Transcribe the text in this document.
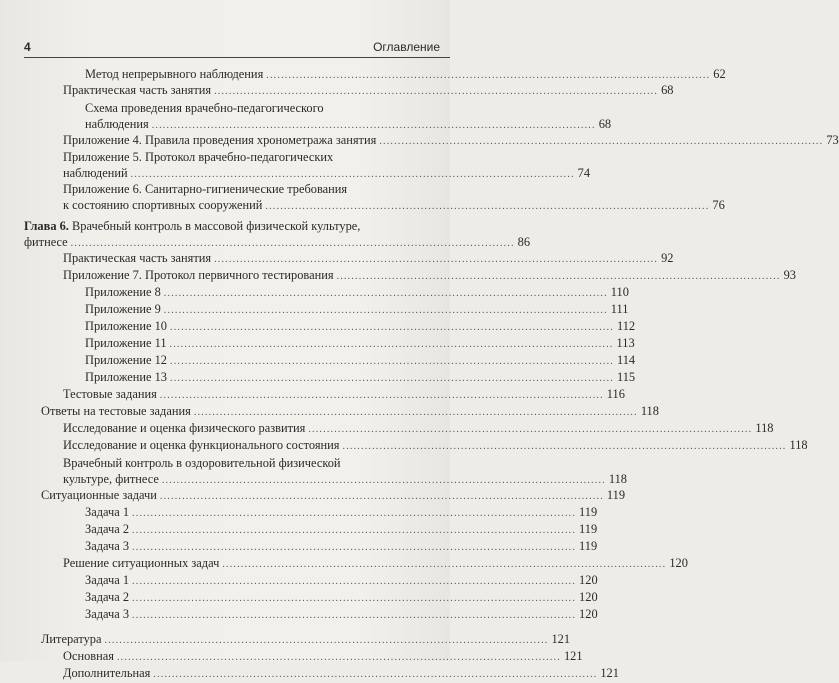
4	Оглавление
Метод непрерывного наблюдения ........................................................................................................................ 62
Практическая часть занятия ........................................................................................................................ 68
Схема проведения врачебно-педагогического
наблюдения ........................................................................................................................ 68
Приложение 4. Правила проведения хронометража занятия ........................................................................................................................ 73
Приложение 5. Протокол врачебно-педагогических
наблюдений ........................................................................................................................ 74
Приложение 6. Санитарно-гигиенические требования
к состоянию спортивных сооружений ........................................................................................................................ 76
Глава 6. Врачебный контроль в массовой физической культуре,
фитнесе ........................................................................................................................ 86
Практическая часть занятия ........................................................................................................................ 92
Приложение 7. Протокол первичного тестирования ........................................................................................................................ 93
Приложение 8 ........................................................................................................................ 110
Приложение 9 ........................................................................................................................ 111
Приложение 10 ........................................................................................................................ 112
Приложение 11 ........................................................................................................................ 113
Приложение 12 ........................................................................................................................ 114
Приложение 13 ........................................................................................................................ 115
Тестовые задания ........................................................................................................................ 116
Ответы на тестовые задания ........................................................................................................................ 118
Исследование и оценка физического развития ........................................................................................................................ 118
Исследование и оценка функционального состояния ........................................................................................................................ 118
Врачебный контроль в оздоровительной физической
культуре, фитнесе ........................................................................................................................ 118
Ситуационные задачи ........................................................................................................................ 119
Задача 1 ........................................................................................................................ 119
Задача 2 ........................................................................................................................ 119
Задача 3 ........................................................................................................................ 119
Решение ситуационных задач ........................................................................................................................ 120
Задача 1 ........................................................................................................................ 120
Задача 2 ........................................................................................................................ 120
Задача 3 ........................................................................................................................ 120
Литература ........................................................................................................................ 121
Основная ........................................................................................................................ 121
Дополнительная ........................................................................................................................ 121
